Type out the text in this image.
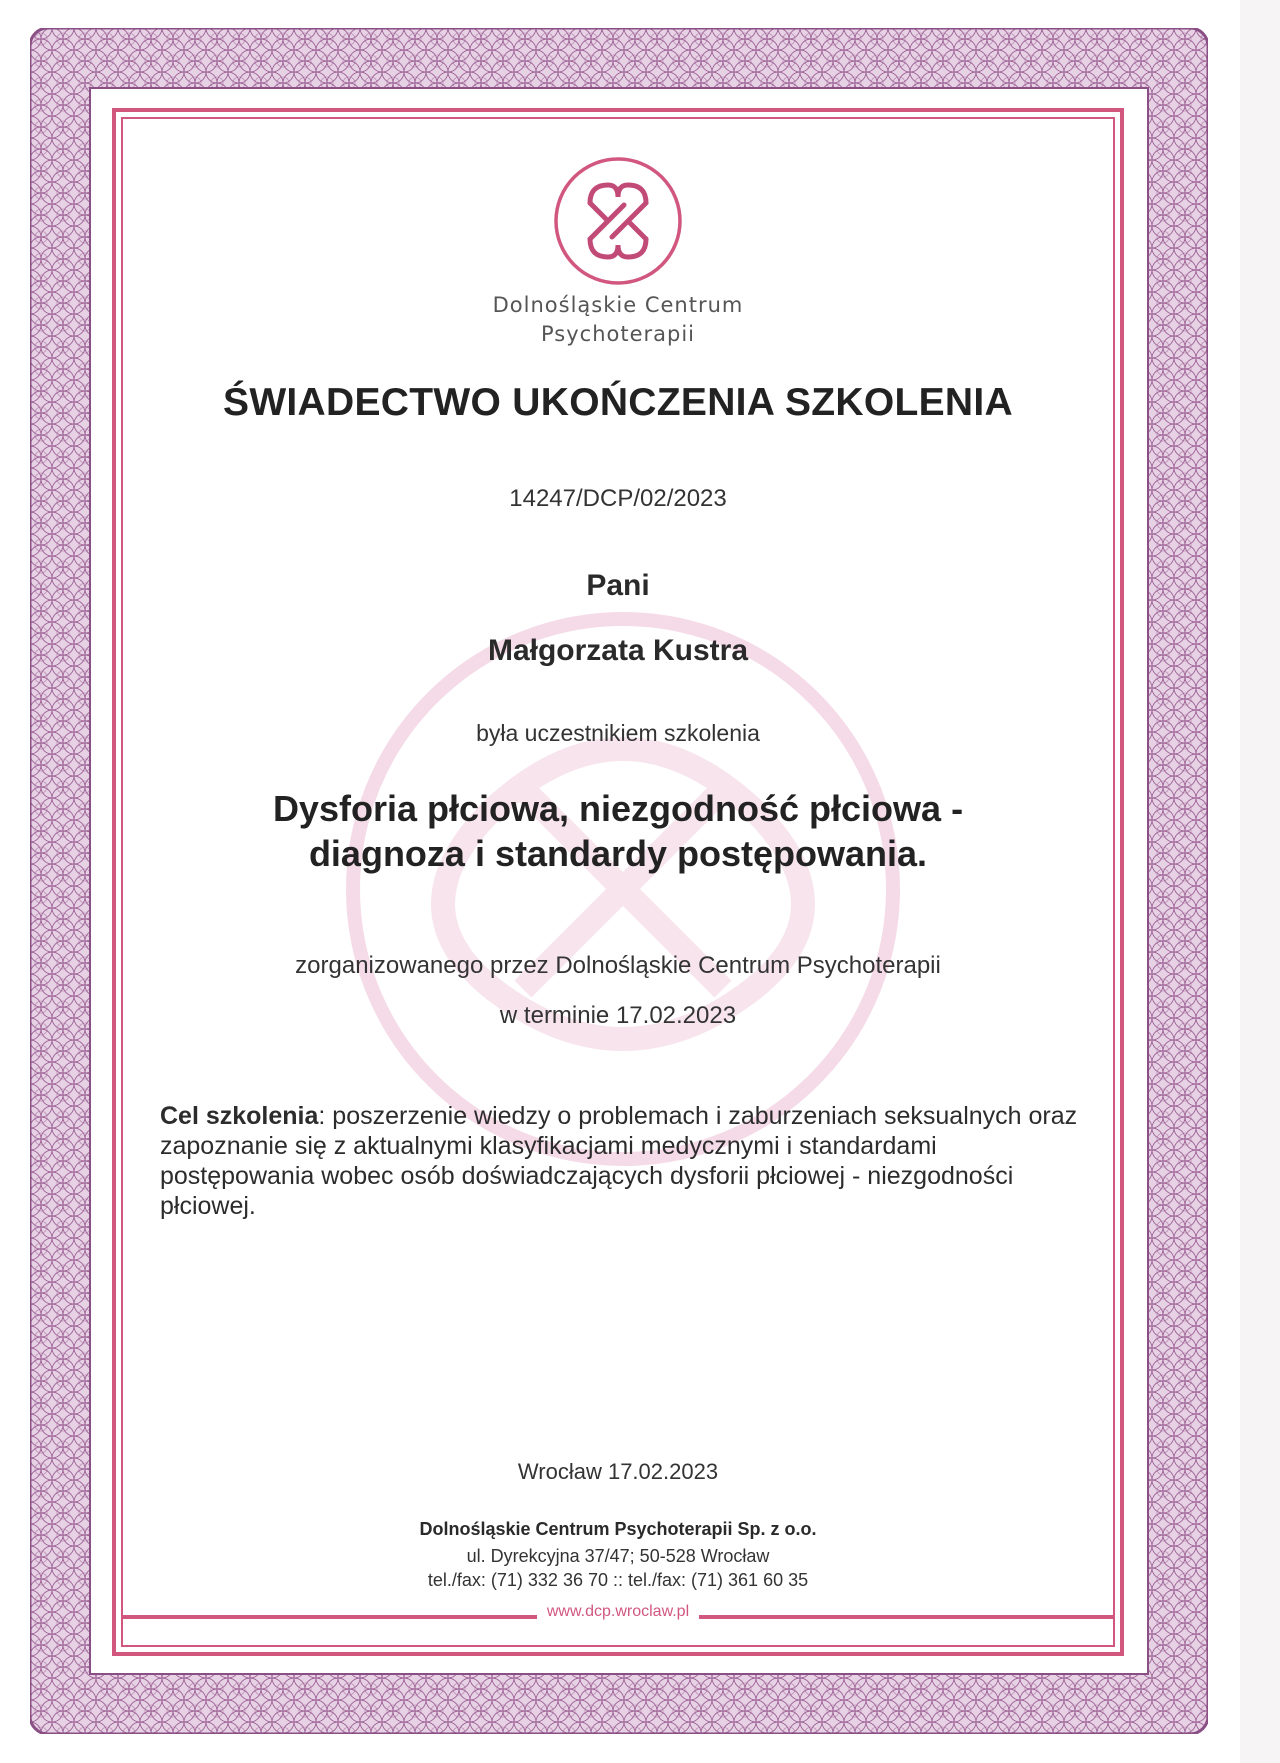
Dolnośląskie Centrum
Psychoterapii
ŚWIADECTWO UKOŃCZENIA SZKOLENIA
14247/DCP/02/2023
Pani
Małgorzata Kustra
była uczestnikiem szkolenia
Dysforia płciowa, niezgodność płciowa -
diagnoza i standardy postępowania.
zorganizowanego przez Dolnośląskie Centrum Psychoterapii
w terminie 17.02.2023
Cel szkolenia: poszerzenie wiedzy o problemach i zaburzeniach seksualnych oraz zapoznanie się z aktualnymi klasyfikacjami medycznymi i standardami postępowania wobec osób doświadczających dysforii płciowej - niezgodności płciowej.
Wrocław 17.02.2023
Dolnośląskie Centrum Psychoterapii Sp. z o.o.
ul. Dyrekcyjna 37/47; 50-528 Wrocław
tel./fax: (71) 332 36 70 :: tel./fax: (71) 361 60 35
www.dcp.wroclaw.pl
